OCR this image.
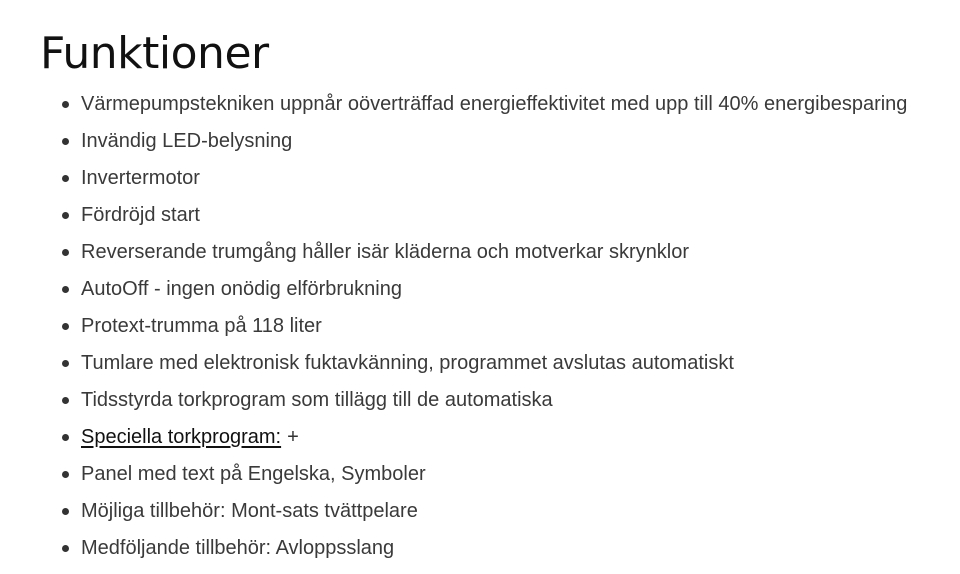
Funktioner
Värmepumpstekniken uppnår oöverträffad energieffektivitet med upp till 40% energibesparing
Invändig LED-belysning
Invertermotor
Fördröjd start
Reverserande trumgång håller isär kläderna och motverkar skrynklor
AutoOff - ingen onödig elförbrukning
Protext-trumma på 118 liter
Tumlare med elektronisk fuktavkänning, programmet avslutas automatiskt
Tidsstyrda torkprogram som tillägg till de automatiska
Speciella torkprogram: +
Panel med text på Engelska, Symboler
Möjliga tillbehör: Mont-sats tvättpelare
Medföljande tillbehör: Avloppsslang
